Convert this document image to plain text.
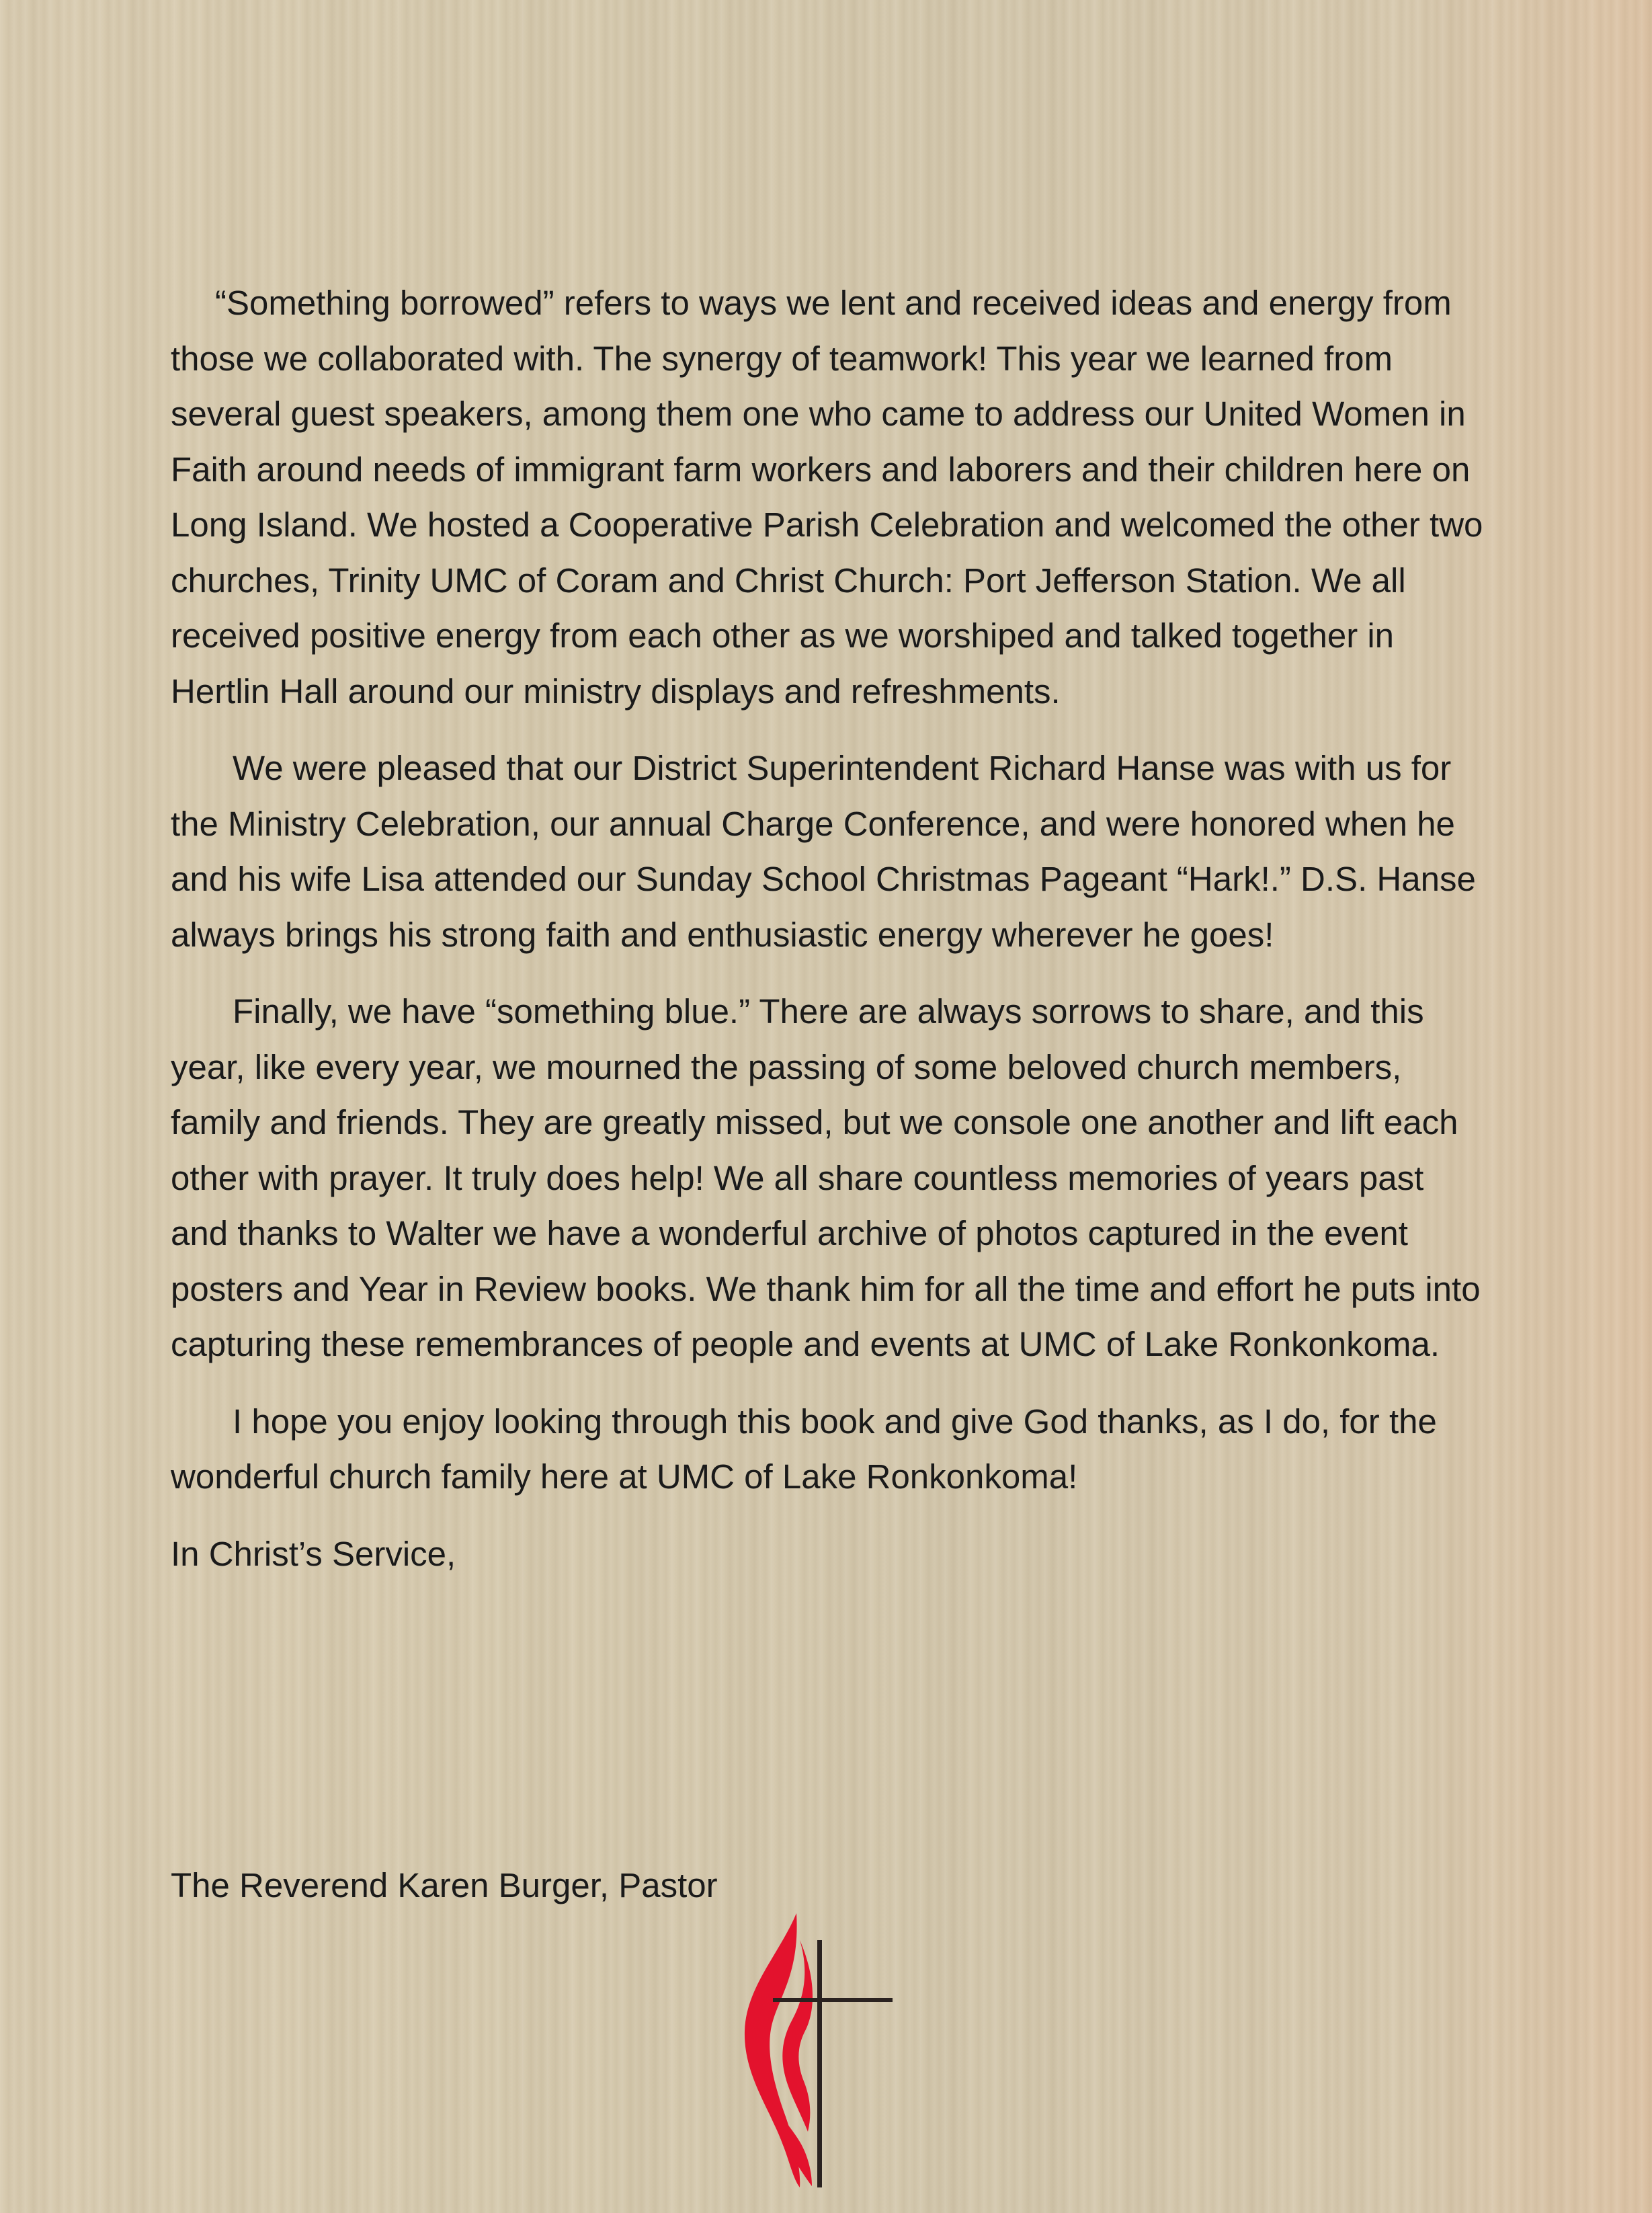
“Something borrowed” refers to ways we lent and received ideas and energy from those we collaborated with. The synergy of teamwork! This year we learned from several guest speakers, among them one who came to address our United Women in Faith around needs of immigrant farm workers and laborers and their children here on Long Island. We hosted a Cooperative Parish Celebration and welcomed the other two churches, Trinity UMC of Coram and Christ Church: Port Jefferson Station. We all received positive energy from each other as we worshiped and talked together in Hertlin Hall around our ministry displays and refreshments.

We were pleased that our District Superintendent Richard Hanse was with us for the Ministry Celebration, our annual Charge Conference, and were honored when he and his wife Lisa attended our Sunday School Christmas Pageant “Hark!.” D.S. Hanse always brings his strong faith and enthusiastic energy wherever he goes!

Finally, we have “something blue.” There are always sorrows to share, and this year, like every year, we mourned the passing of some beloved church members, family and friends. They are greatly missed, but we console one another and lift each other with prayer. It truly does help! We all share countless memories of years past and thanks to Walter we have a wonderful archive of photos captured in the event posters and Year in Review books. We thank him for all the time and effort he puts into capturing these remembrances of people and events at UMC of Lake Ronkonkoma.

I hope you enjoy looking through this book and give God thanks, as I do, for the wonderful church family here at UMC of Lake Ronkonkoma!

In Christ’s Service,

The Reverend Karen Burger, Pastor
